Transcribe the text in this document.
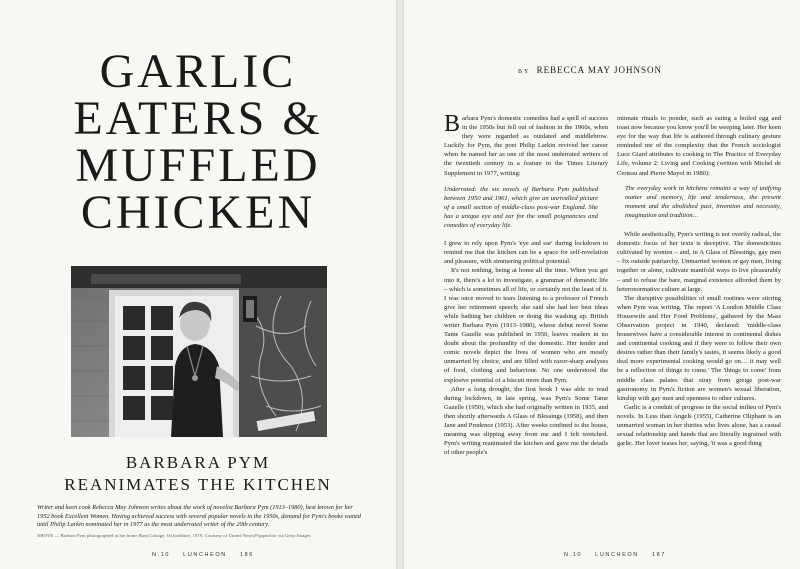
GARLIC
EATERS &
MUFFLED
CHICKEN
BARBARA PYM
REANIMATES THE KITCHEN

Writer and keen cook Rebecca May Johnson writes about the work of novelist Barbara Pym (1913–1980), best known for her 1952 book Excellent Women. Having achieved success with several popular novels in the 1950s, demand for Pym's books waned until Philip Larkin nominated her in 1977 as the most underrated writer of the 20th century.

ABOVE — Barbara Pym photographed at her home Barn Cottage, Oxfordshire, 1979. Courtesy of United News/Popperfoto via Getty Images

N.10 LUNCHEON 186

BY REBECCA MAY JOHNSON

Barbara Pym's domestic comedies had a spell of success in the 1950s but fell out of fashion in the 1960s, when they were regarded as outdated and middlebrow. Luckily for Pym, the poet Philip Larkin revived her career when he named her as one of the most underrated writers of the twentieth century in a feature in the Times Literary Supplement in 1977, writing:

Underrated: the six novels of Barbara Pym published between 1950 and 1961, which give an unrivalled picture of a small section of middle-class post-war England. She has a unique eye and ear for the small poignancies and comedies of everyday life.

I grew to rely upon Pym's 'eye and ear' during lockdown to remind me that the kitchen can be a space for self-revelation and pleasure, with simmering political potential.

It's not nothing, being at home all the time. When you get into it, there's a lot to investigate, a grammar of domestic life – which is sometimes all of life, or certainly not the least of it. I was once moved to tears listening to a professor of French give her retirement speech; she said she had her best ideas while bathing her children or doing the washing up. British writer Barbara Pym (1913–1980), whose debut novel Some Tame Gazelle was published in 1950, leaves readers in no doubt about the profundity of the domestic. Her tender and comic novels depict the lives of women who are mostly unmarried by choice, and are filled with razor-sharp analyses of food, clothing and behaviour. No one understood the explosive potential of a biscuit more than Pym.

After a long drought, the first book I was able to read during lockdown, in late spring, was Pym's Some Tame Gazelle (1950), which she had originally written in 1935, and then shortly afterwards A Glass of Blessings (1958), and then Jane and Prudence (1953). After weeks confined to the house, meaning was slipping away from me and I felt wretched. Pym's writing reanimated the kitchen and gave me the details of other people's

intimate rituals to ponder, such as eating a boiled egg and toast now because you know you'll be weeping later. Her keen eye for the way that life is authored through culinary gesture reminded me of the complexity that the French sociologist Luce Giard attributes to cooking in The Practice of Everyday Life, volume 2: Living and Cooking (written with Michel de Certeau and Pierre Mayol in 1980):

The everyday work in kitchens remains a way of unifying matter and memory, life and tenderness, the present moment and the abolished past, invention and necessity, imagination and tradition…

While aesthetically, Pym's writing is not overtly radical, the domestic focus of her texts is deceptive. The domesticities cultivated by women – and, in A Glass of Blessings, gay men – fix outside patriarchy. Unmarried women or gay men, living together or alone, cultivate manifold ways to live pleasurably – and to refuse the bare, marginal existence afforded them by heteronormative culture at large.

The disruptive possibilities of small routines were stirring when Pym was writing. The report 'A London Middle Class Housewife and Her Food Problems', gathered by the Mass Observation project in 1940, declared: 'middle-class housewives have a considerable interest in continental dishes and continental cooking and if they were to follow their own desires rather than their family's tastes, it seems likely a good deal more experimental cooking would go on… it may well be a reflection of things to come.' The 'things to come' from middle class palates that stray from greige post-war gastronomy in Pym's fiction are women's sexual liberation, kinship with gay men and openness to other cultures.

Garlic is a conduit of progress in the social milieu of Pym's novels. In Less than Angels (1955), Catherine Oliphant is an unmarried woman in her thirties who lives alone, has a casual sexual relationship and hands that are literally ingrained with garlic. Her lover teases her, saying, 'it was a good thing

N.10 LUNCHEON 187
